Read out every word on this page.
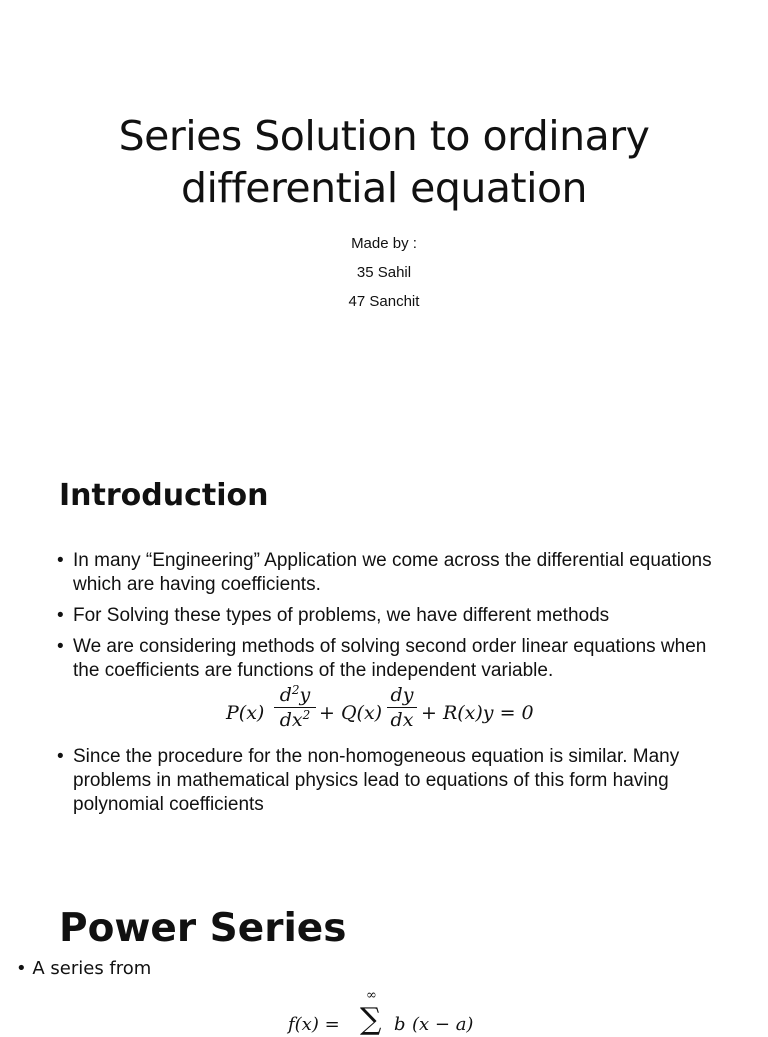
Series Solution to ordinary
differential equation
Made by :
35 Sahil
47 Sanchit
Introduction
• In many “Engineering” Application we come across the differential equations which are having coefficients.
• For Solving these types of problems, we have different methods
• We are considering methods of solving second order linear equations when the coefficients are functions of the independent variable.
P(x)
$d^2y$
$dx^2 + Q(x)$
dy
dx + R(x)y = 0
• Since the procedure for the non-homogeneous equation is similar. Many problems in mathematical physics lead to equations of this form having polynomial coefficients
Power Series
• A series from
f(x) =
∞
∑ b (x − a)
